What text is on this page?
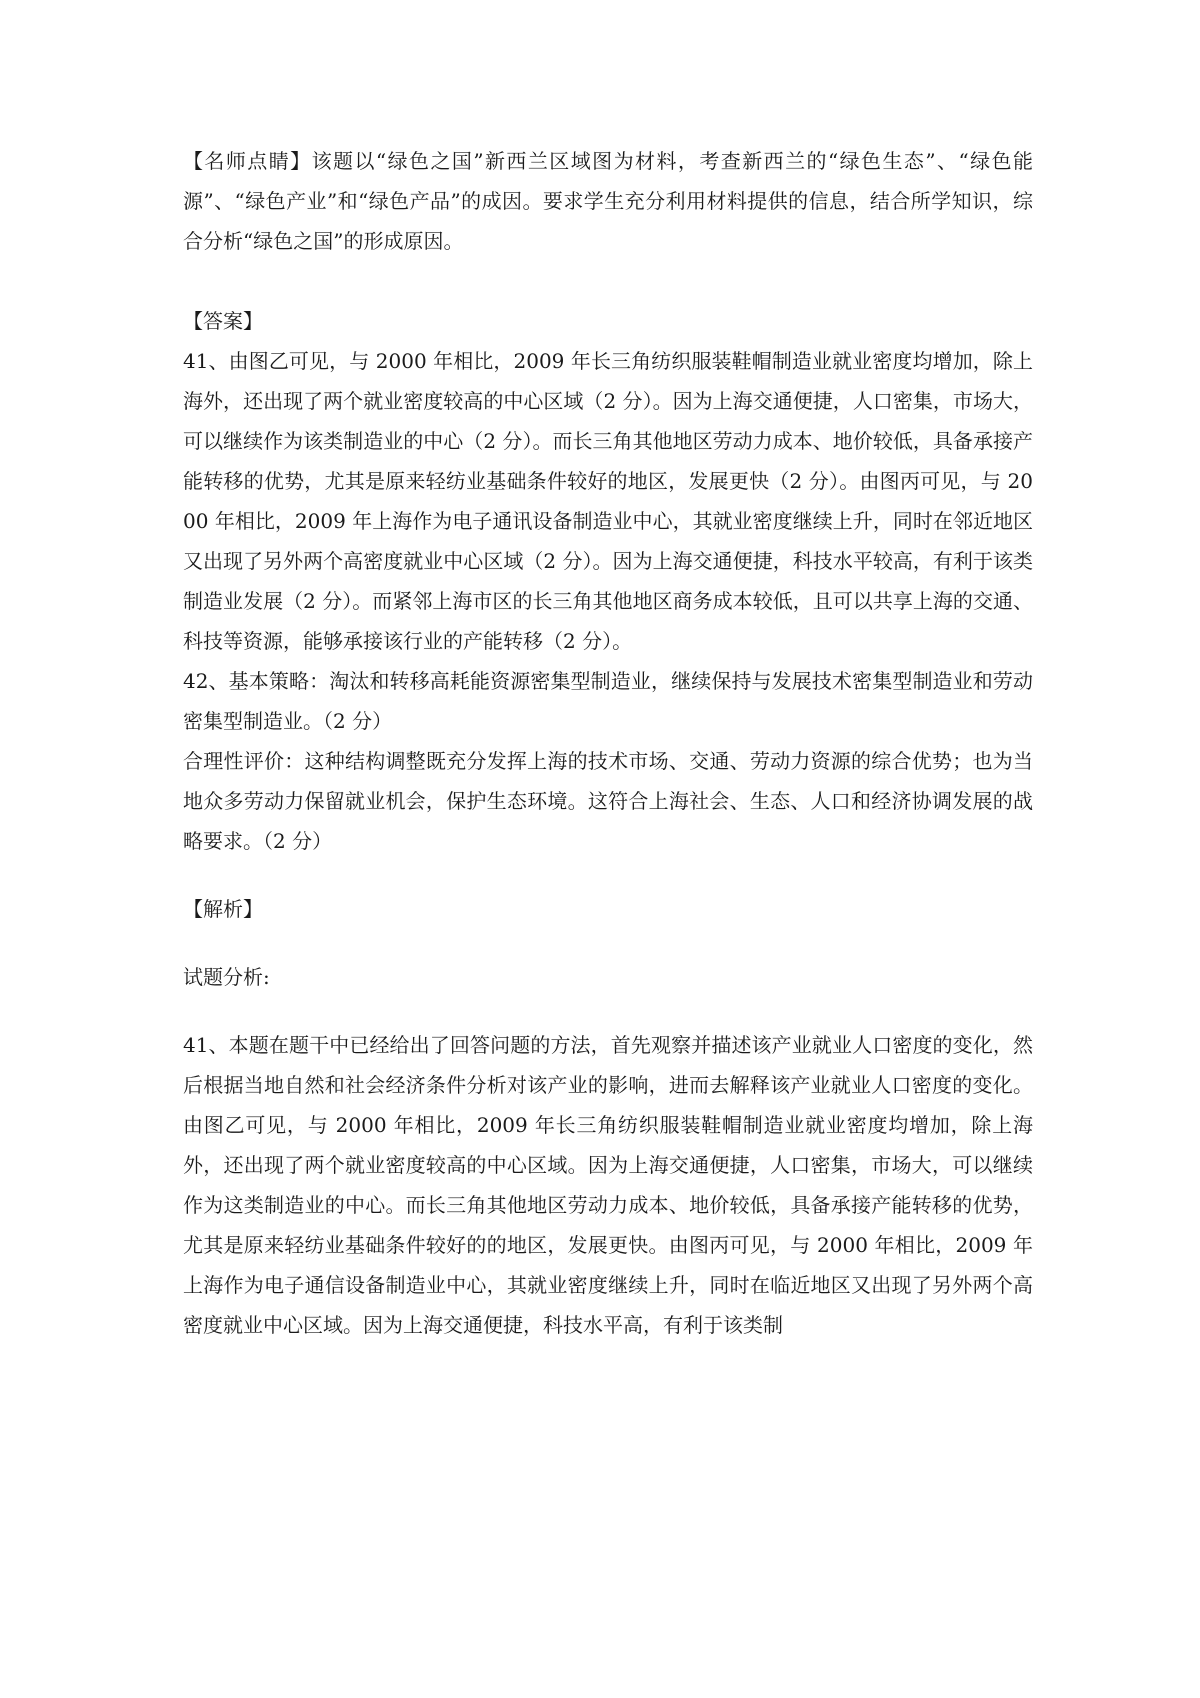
【名师点睛】该题以“绿色之国”新西兰区域图为材料，考查新西兰的“绿色生态”、“绿色能源”、“绿色产业”和“绿色产品”的成因。要求学生充分利用材料提供的信息，结合所学知识，综合分析“绿色之国”的形成原因。

【答案】

41、由图乙可见，与 2000 年相比，2009 年长三角纺织服装鞋帽制造业就业密度均增加，除上海外，还出现了两个就业密度较高的中心区域（2 分）。因为上海交通便捷，人口密集，市场大，可以继续作为该类制造业的中心（2 分）。而长三角其他地区劳动力成本、地价较低，具备承接产能转移的优势，尤其是原来轻纺业基础条件较好的地区，发展更快（2 分）。由图丙可见，与 2000 年相比，2009 年上海作为电子通讯设备制造业中心，其就业密度继续上升，同时在邻近地区又出现了另外两个高密度就业中心区域（2 分）。因为上海交通便捷，科技水平较高，有利于该类制造业发展（2 分）。而紧邻上海市区的长三角其他地区商务成本较低，且可以共享上海的交通、科技等资源，能够承接该行业的产能转移（2 分）。

42、基本策略：淘汰和转移高耗能资源密集型制造业，继续保持与发展技术密集型制造业和劳动密集型制造业。（2 分）

合理性评价：这种结构调整既充分发挥上海的技术市场、交通、劳动力资源的综合优势；也为当地众多劳动力保留就业机会，保护生态环境。这符合上海社会、生态、人口和经济协调发展的战略要求。（2 分）

【解析】

试题分析:

41、本题在题干中已经给出了回答问题的方法，首先观察并描述该产业就业人口密度的变化，然后根据当地自然和社会经济条件分析对该产业的影响，进而去解释该产业就业人口密度的变化。由图乙可见，与 2000 年相比，2009 年长三角纺织服装鞋帽制造业就业密度均增加，除上海外，还出现了两个就业密度较高的中心区域。因为上海交通便捷，人口密集，市场大，可以继续作为这类制造业的中心。而长三角其他地区劳动力成本、地价较低，具备承接产能转移的优势，尤其是原来轻纺业基础条件较好的的地区，发展更快。由图丙可见，与 2000 年相比，2009 年上海作为电子通信设备制造业中心，其就业密度继续上升，同时在临近地区又出现了另外两个高密度就业中心区域。因为上海交通便捷，科技水平高，有利于该类制
